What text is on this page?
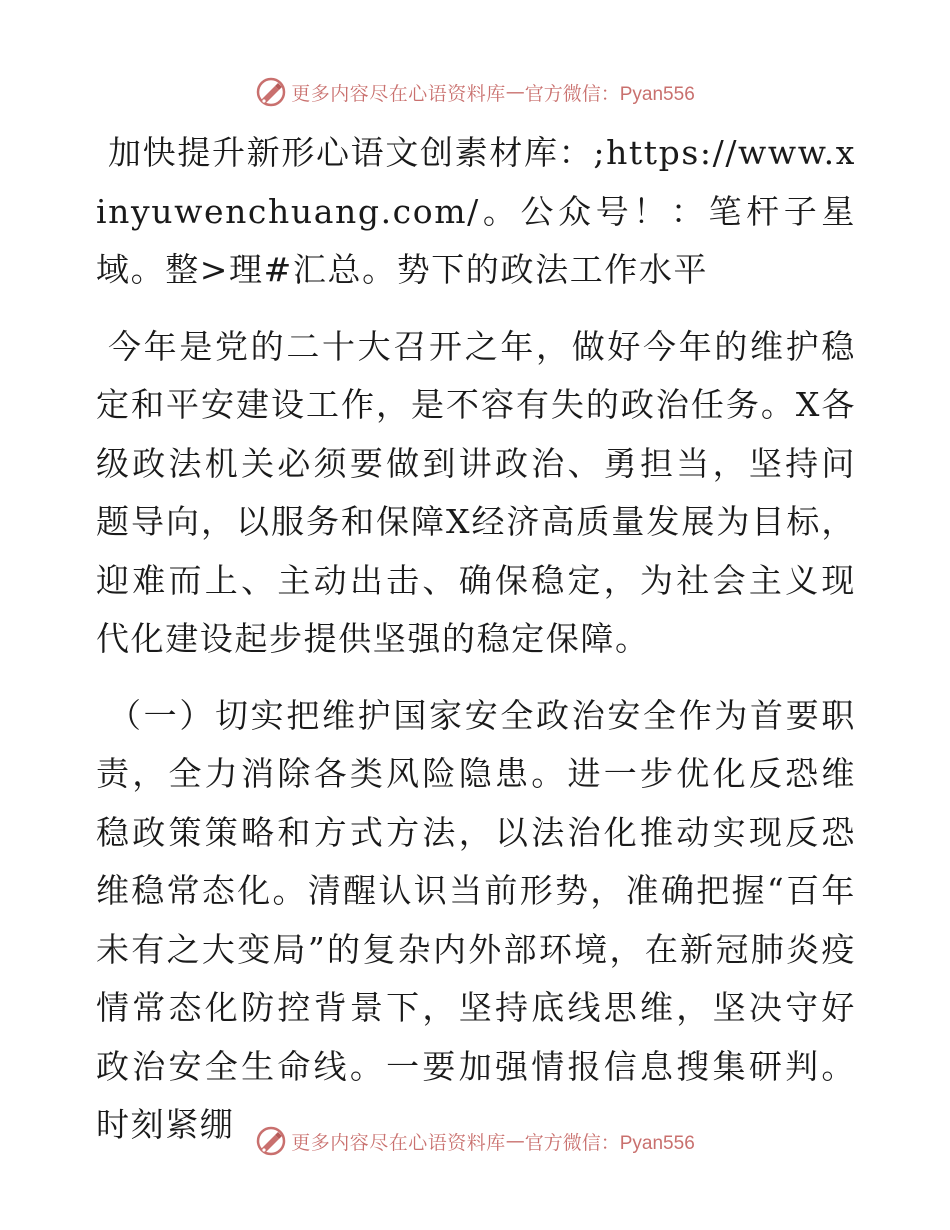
更多内容尽在心语资料库 — 官方微信：Pyan556

加快提升新形心语文创素材库：;https://www.xinyuwenchuang.com/。公众号！：笔杆子星域。整>理#汇总。势下的政法工作水平

今年是党的二十大召开之年，做好今年的维护稳定和平安建设工作，是不容有失的政治任务。X各级政法机关必须要做到讲政治、勇担当，坚持问题导向，以服务和保障X经济高质量发展为目标，迎难而上、主动出击、确保稳定，为社会主义现代化建设起步提供坚强的稳定保障。

（一）切实把维护国家安全政治安全作为首要职责，全力消除各类风险隐患。进一步优化反恐维稳政策策略和方式方法，以法治化推动实现反恐维稳常态化。清醒认识当前形势，准确把握“百年未有之大变局”的复杂内外部环境，在新冠肺炎疫情常态化防控背景下，坚持底线思维，坚决守好政治安全生命线。一要加强情报信息搜集研判。时刻紧绷	更多内容尽在心语资料库 — 官方微信：Pyan556
